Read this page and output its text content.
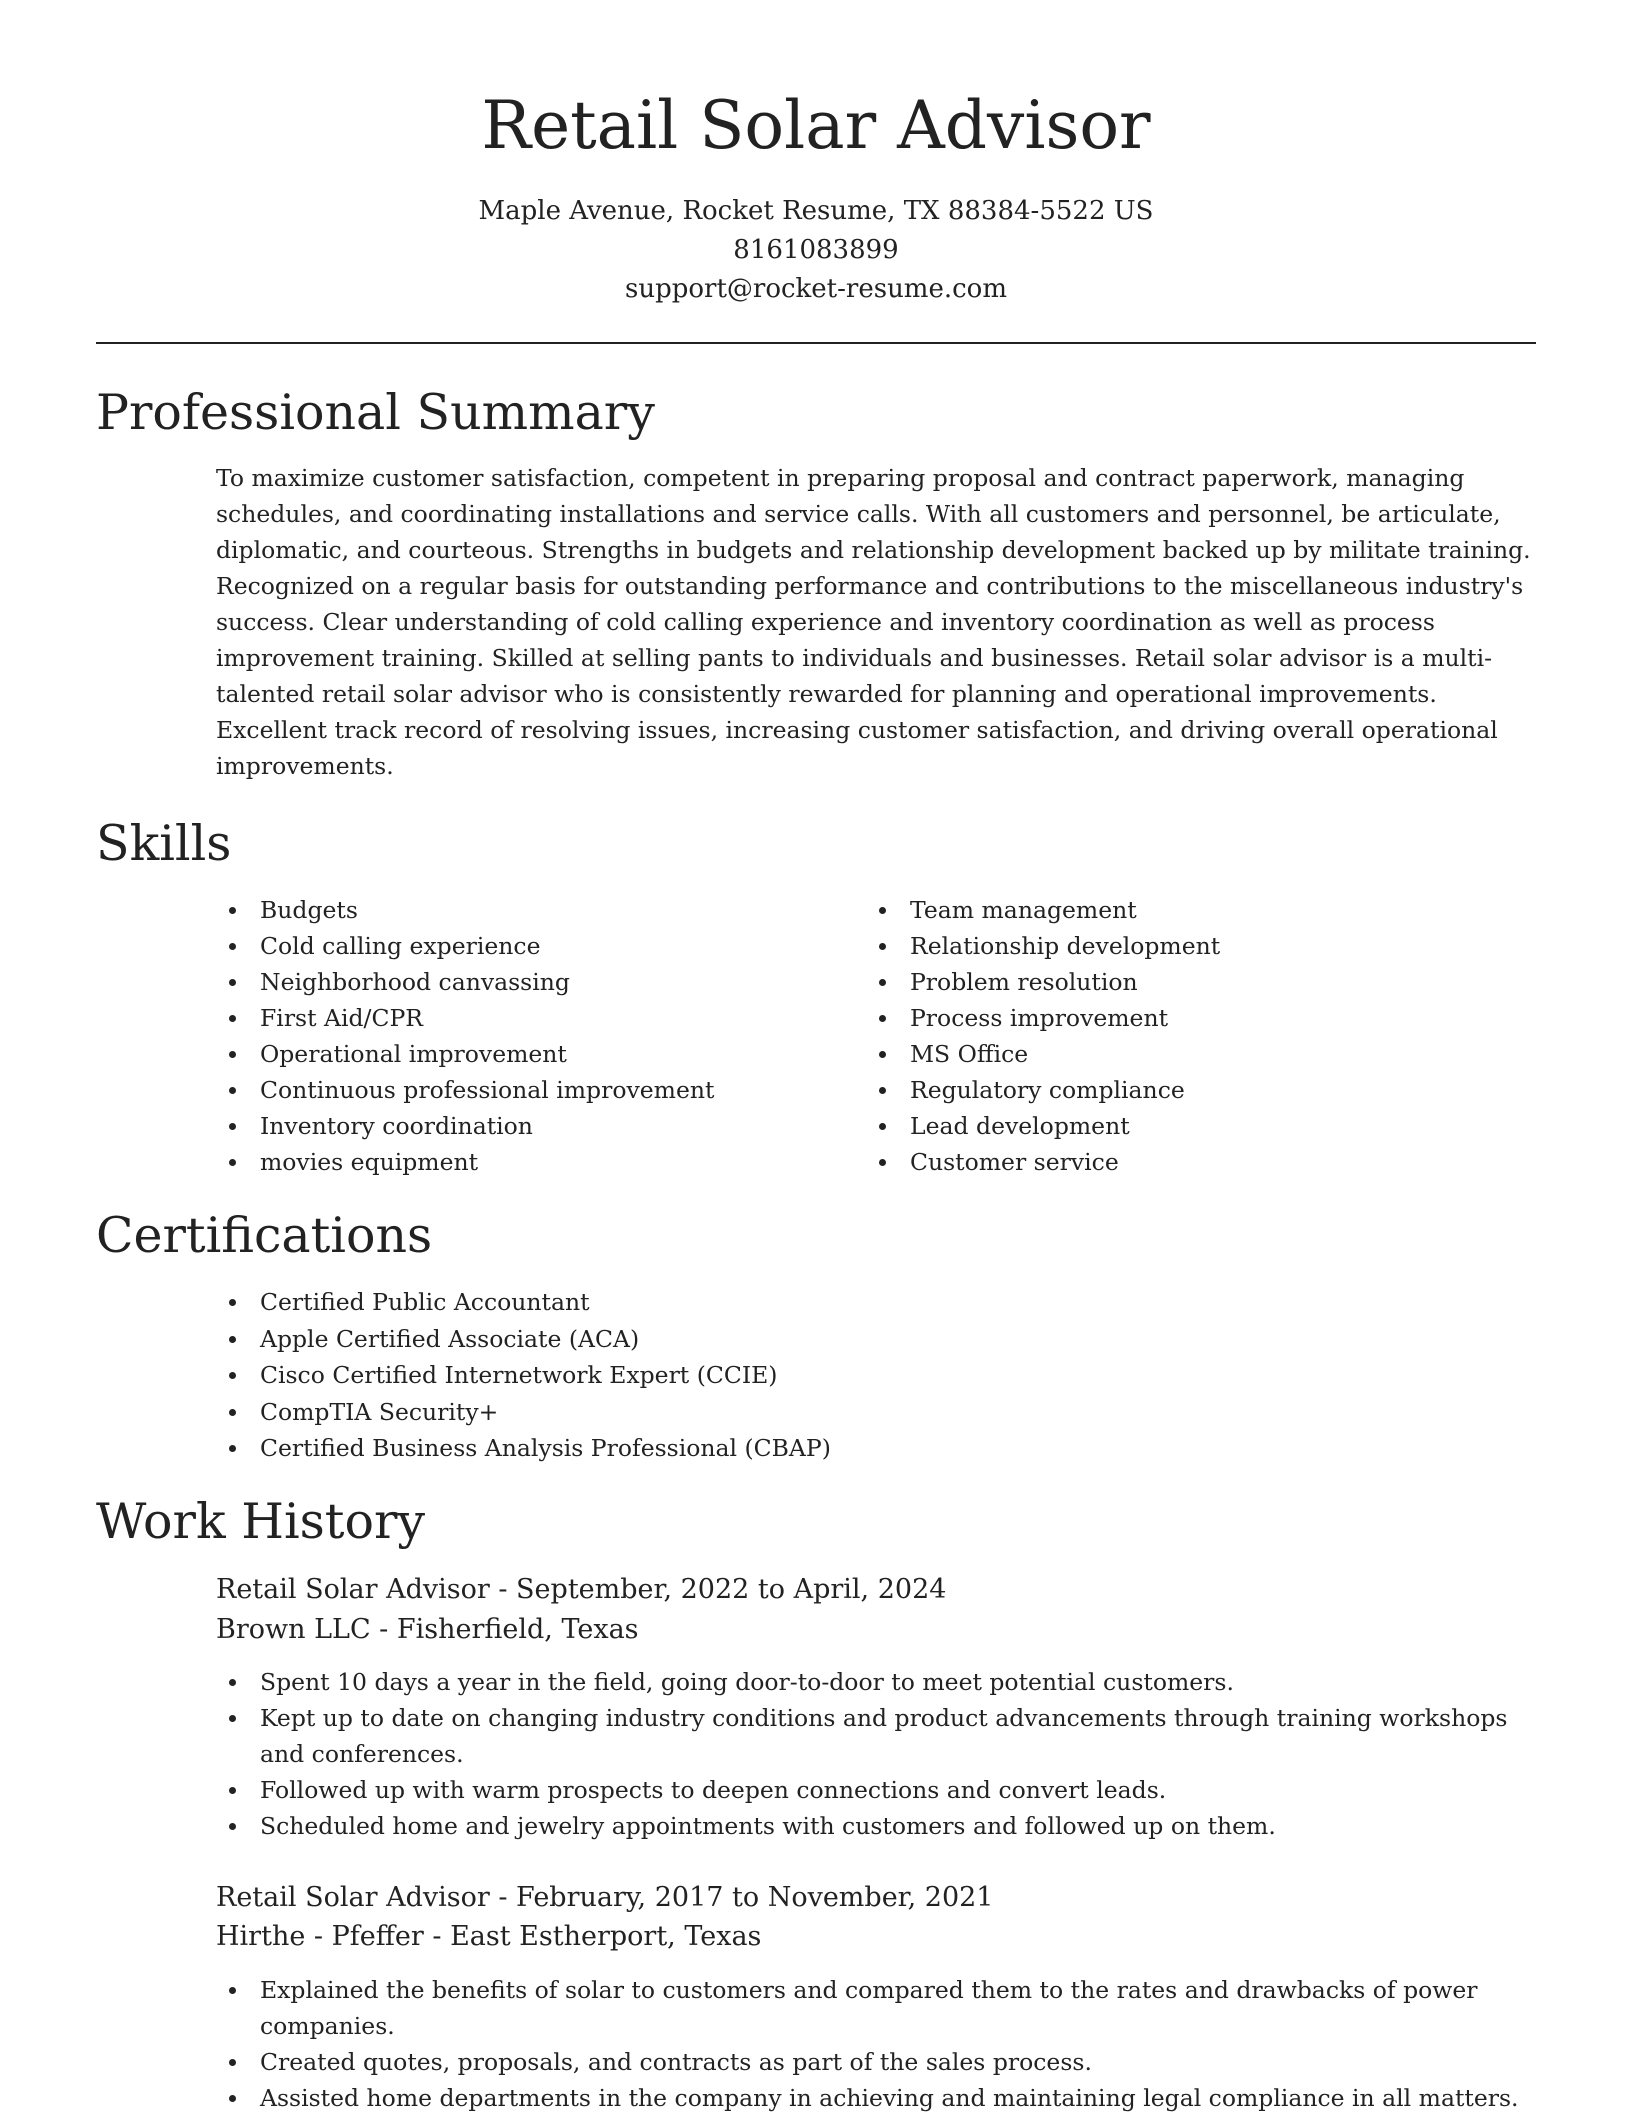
Retail Solar Advisor
Maple Avenue, Rocket Resume, TX 88384-5522 US
8161083899
support@rocket-resume.com
Professional Summary

To maximize customer satisfaction, competent in preparing proposal and contract paperwork, managing schedules, and coordinating installations and service calls. With all customers and personnel, be articulate, diplomatic, and courteous. Strengths in budgets and relationship development backed up by militate training. Recognized on a regular basis for outstanding performance and contributions to the miscellaneous industry's success. Clear understanding of cold calling experience and inventory coordination as well as process improvement training. Skilled at selling pants to individuals and businesses. Retail solar advisor is a multi-talented retail solar advisor who is consistently rewarded for planning and operational improvements. Excellent track record of resolving issues, increasing customer satisfaction, and driving overall operational improvements.

Skills
Budgets
Cold calling experience
Neighborhood canvassing
First Aid/CPR
Operational improvement
Continuous professional improvement
Inventory coordination
movies equipment
Team management
Relationship development
Problem resolution
Process improvement
MS Office
Regulatory compliance
Lead development
Customer service
Certifications
Certified Public Accountant
Apple Certified Associate (ACA)
Cisco Certified Internetwork Expert (CCIE)
CompTIA Security+
Certified Business Analysis Professional (CBAP)
Work History
Retail Solar Advisor - September, 2022 to April, 2024
Brown LLC - Fisherfield, Texas
Spent 10 days a year in the field, going door-to-door to meet potential customers.
Kept up to date on changing industry conditions and product advancements through training workshops and conferences.
Followed up with warm prospects to deepen connections and convert leads.
Scheduled home and jewelry appointments with customers and followed up on them.
Retail Solar Advisor - February, 2017 to November, 2021
Hirthe - Pfeffer - East Estherport, Texas
Explained the benefits of solar to customers and compared them to the rates and drawbacks of power companies.
Created quotes, proposals, and contracts as part of the sales process.
Assisted home departments in the company in achieving and maintaining legal compliance in all matters.
